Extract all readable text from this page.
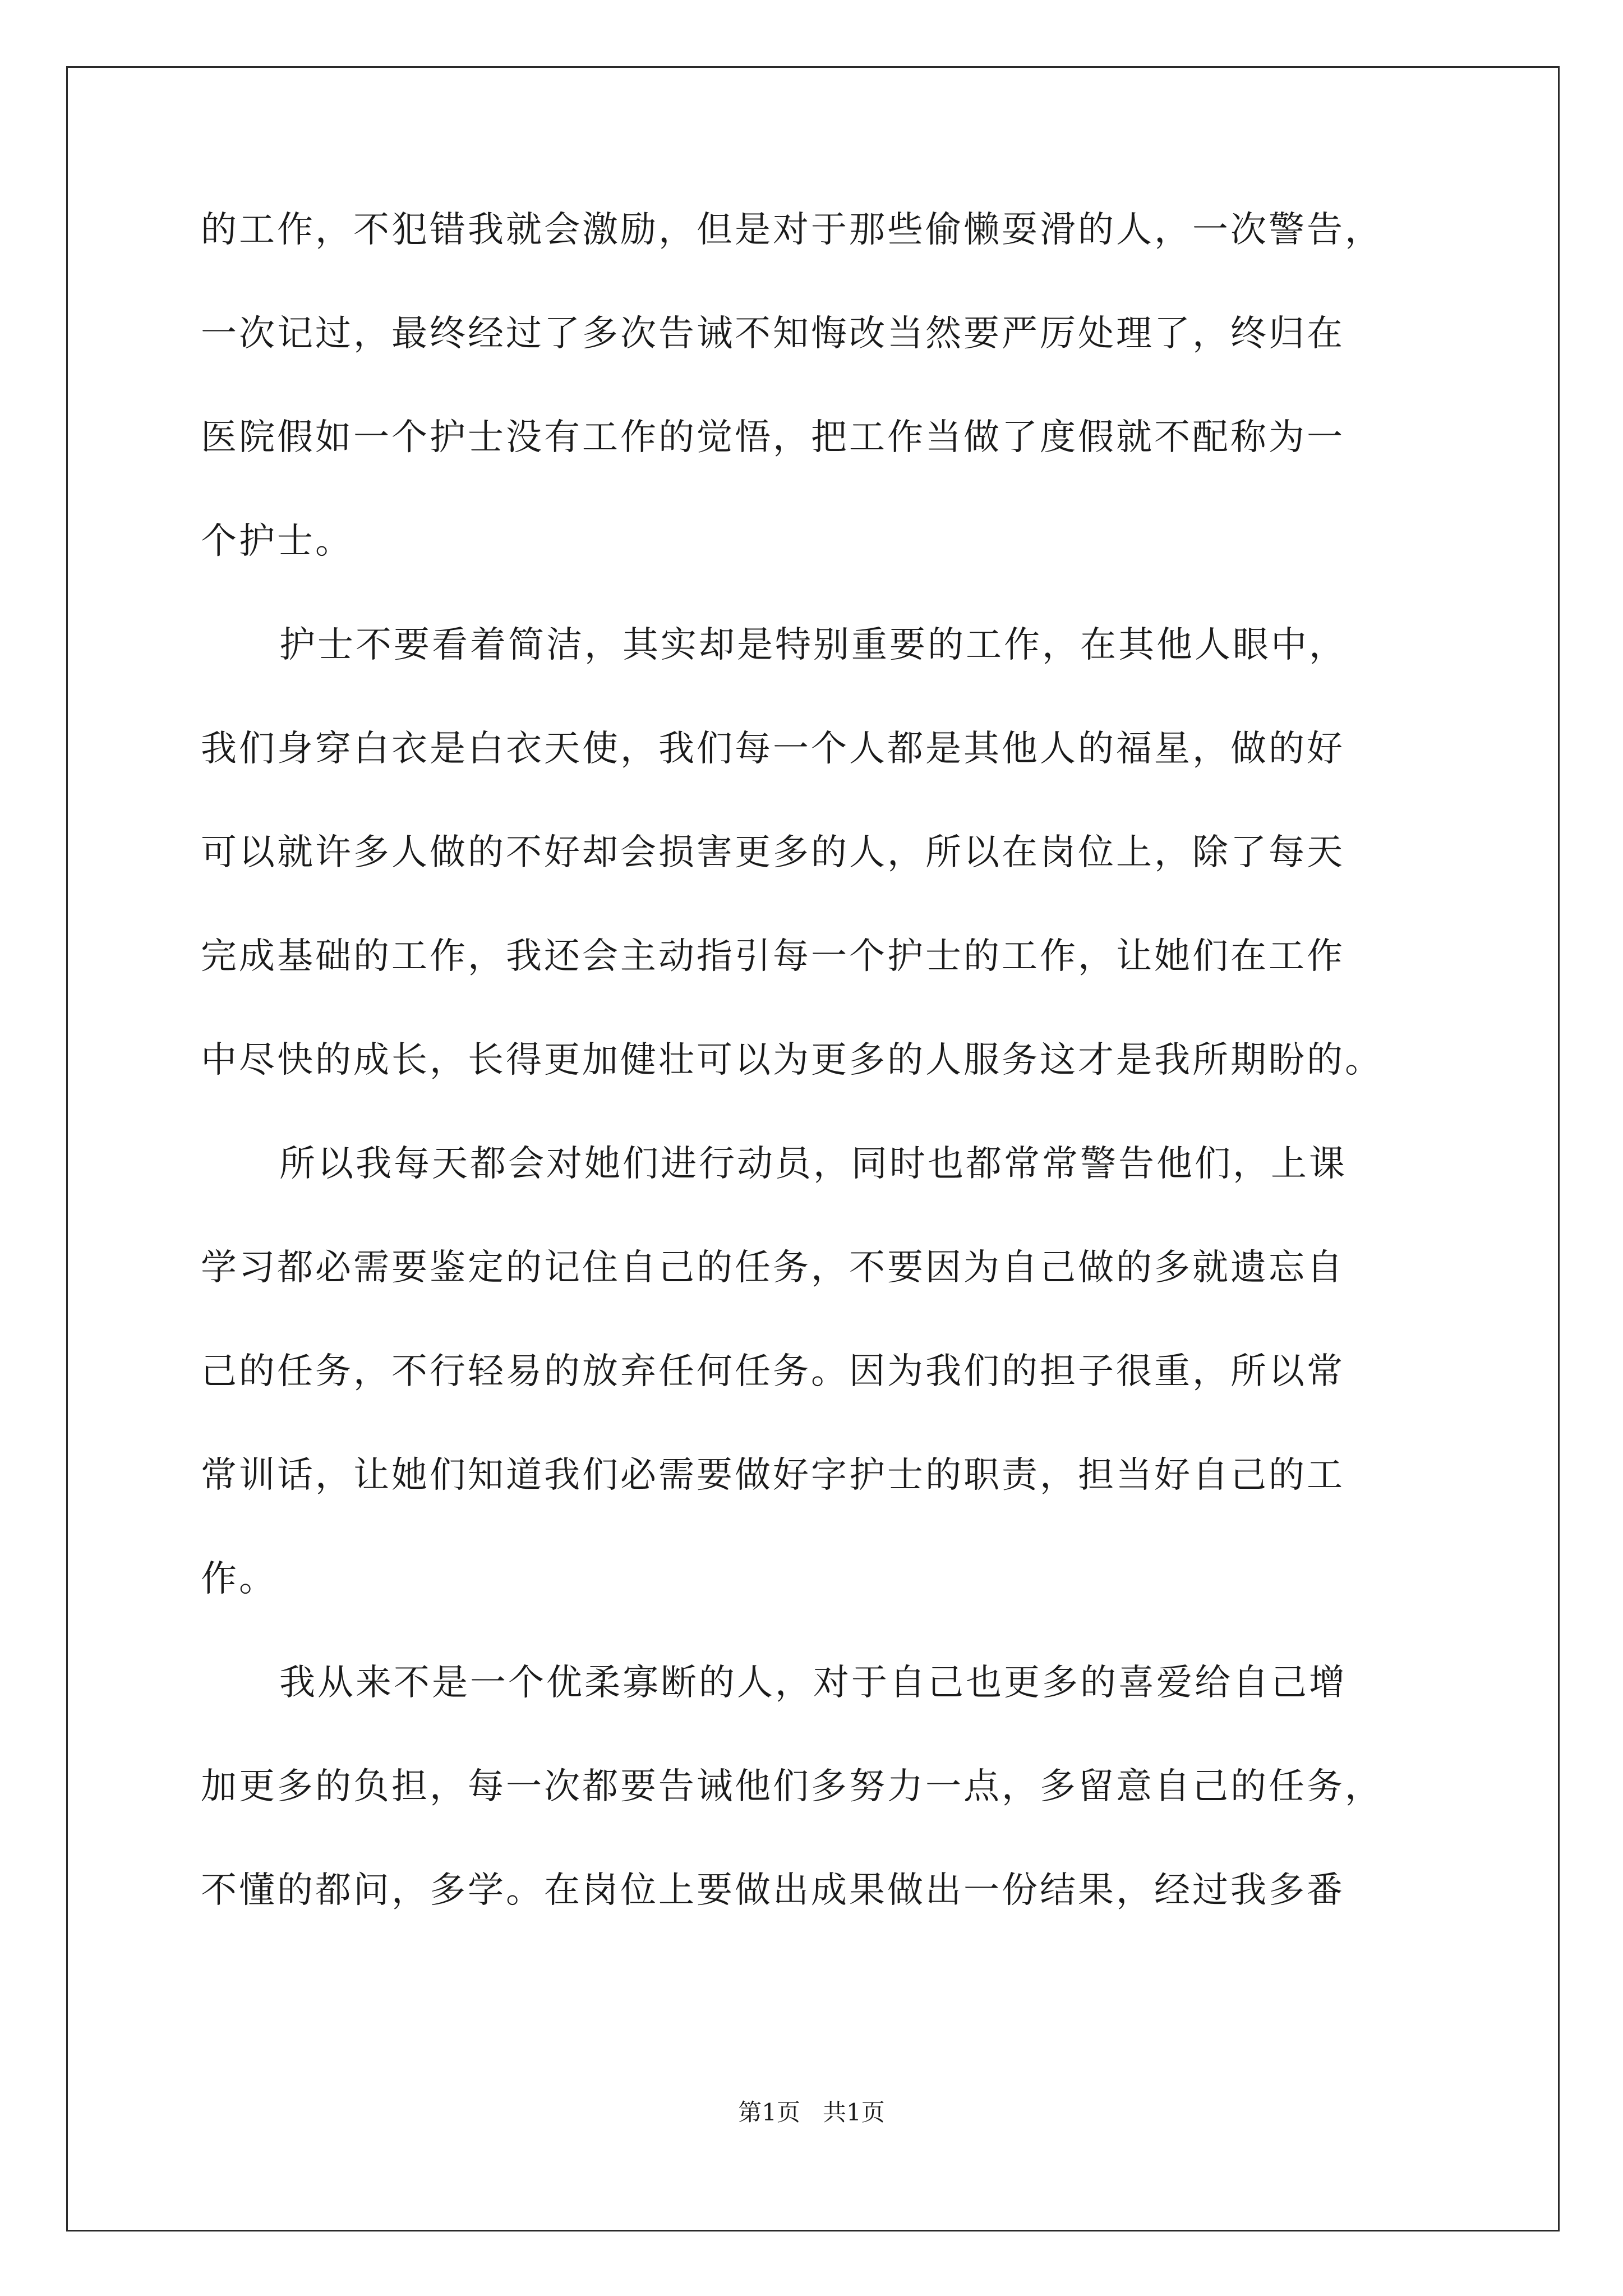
的工作，不犯错我就会激励，但是对于那些偷懒耍滑的人，一次警告，
一次记过，最终经过了多次告诫不知悔改当然要严厉处理了，终归在
医院假如一个护士没有工作的觉悟，把工作当做了度假就不配称为一
个护士。
护士不要看着简洁，其实却是特别重要的工作，在其他人眼中，
我们身穿白衣是白衣天使，我们每一个人都是其他人的福星，做的好
可以就许多人做的不好却会损害更多的人，所以在岗位上，除了每天
完成基础的工作，我还会主动指引每一个护士的工作，让她们在工作
中尽快的成长，长得更加健壮可以为更多的人服务这才是我所期盼的。
所以我每天都会对她们进行动员，同时也都常常警告他们，上课
学习都必需要鉴定的记住自己的任务，不要因为自己做的多就遗忘自
己的任务，不行轻易的放弃任何任务。因为我们的担子很重，所以常
常训话，让她们知道我们必需要做好字护士的职责，担当好自己的工
作。
我从来不是一个优柔寡断的人，对于自己也更多的喜爱给自己增
加更多的负担，每一次都要告诫他们多努力一点，多留意自己的任务，
不懂的都问，多学。在岗位上要做出成果做出一份结果，经过我多番
第1页 共1页
